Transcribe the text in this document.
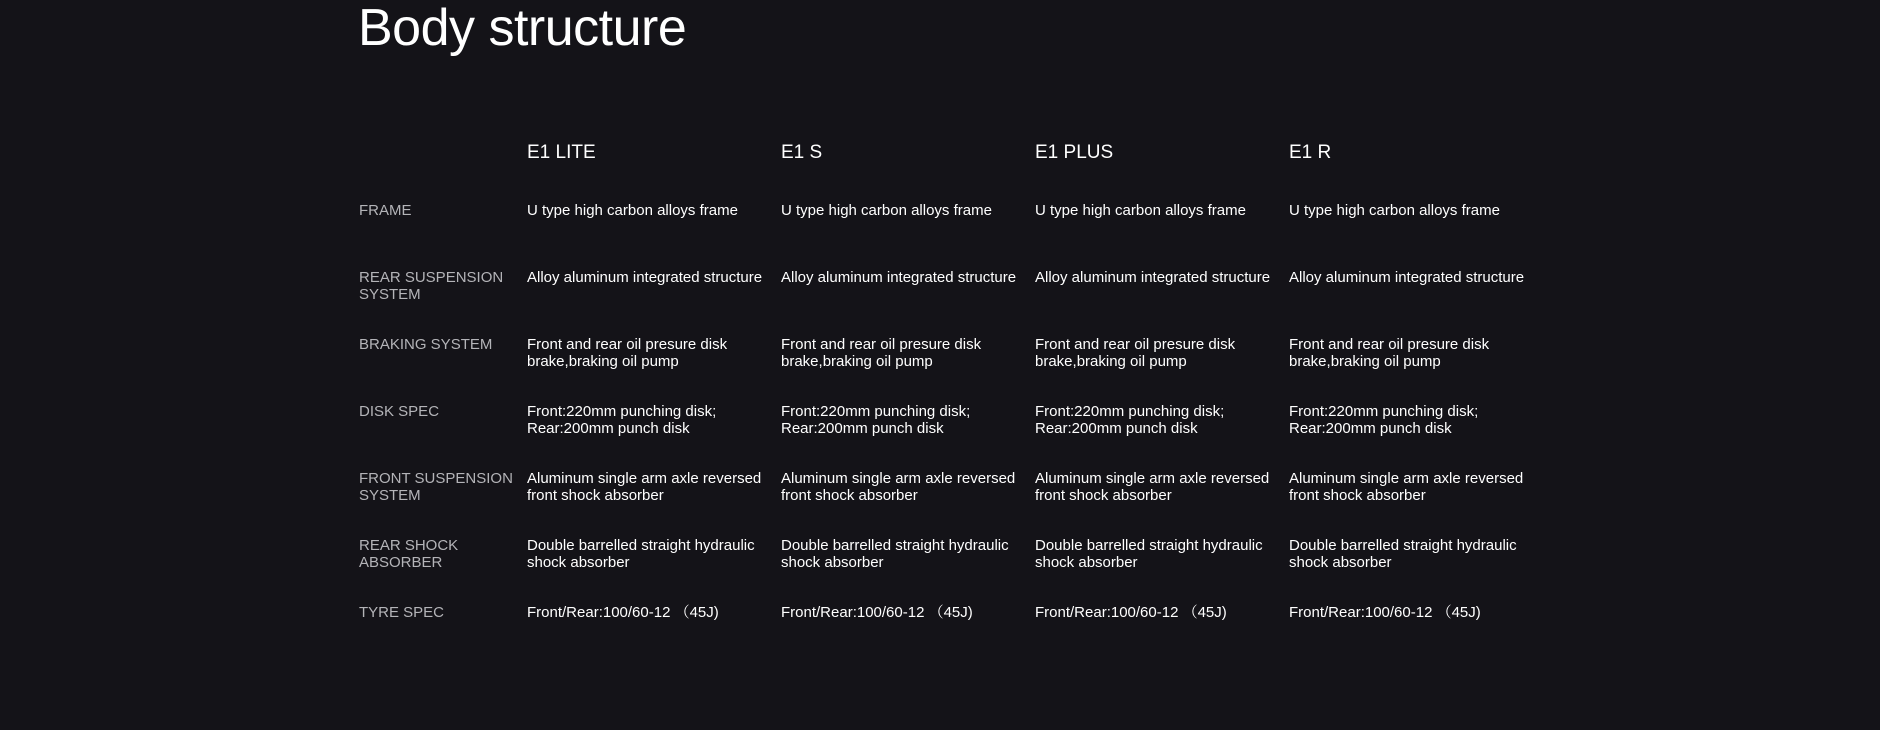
Body structure
	E1 LITE	E1 S	E1 PLUS	E1 R
FRAME	U type high carbon alloys frame	U type high carbon alloys frame	U type high carbon alloys frame	U type high carbon alloys frame
REAR SUSPENSION SYSTEM	Alloy aluminum integrated structure	Alloy aluminum integrated structure	Alloy aluminum integrated structure	Alloy aluminum integrated structure
BRAKING SYSTEM	Front and rear oil presure disk brake,braking oil pump	Front and rear oil presure disk brake,braking oil pump	Front and rear oil presure disk brake,braking oil pump	Front and rear oil presure disk brake,braking oil pump
DISK SPEC	Front:220mm punching disk; Rear:200mm punch disk	Front:220mm punching disk; Rear:200mm punch disk	Front:220mm punching disk; Rear:200mm punch disk	Front:220mm punching disk; Rear:200mm punch disk
FRONT SUSPENSION SYSTEM	Aluminum single arm axle reversed front shock absorber	Aluminum single arm axle reversed front shock absorber	Aluminum single arm axle reversed front shock absorber	Aluminum single arm axle reversed front shock absorber
REAR SHOCK ABSORBER	Double barrelled straight hydraulic shock absorber	Double barrelled straight hydraulic shock absorber	Double barrelled straight hydraulic shock absorber	Double barrelled straight hydraulic shock absorber
TYRE SPEC	Front/Rear:100/60-12 （45J)	Front/Rear:100/60-12 （45J)	Front/Rear:100/60-12 （45J)	Front/Rear:100/60-12 （45J)
